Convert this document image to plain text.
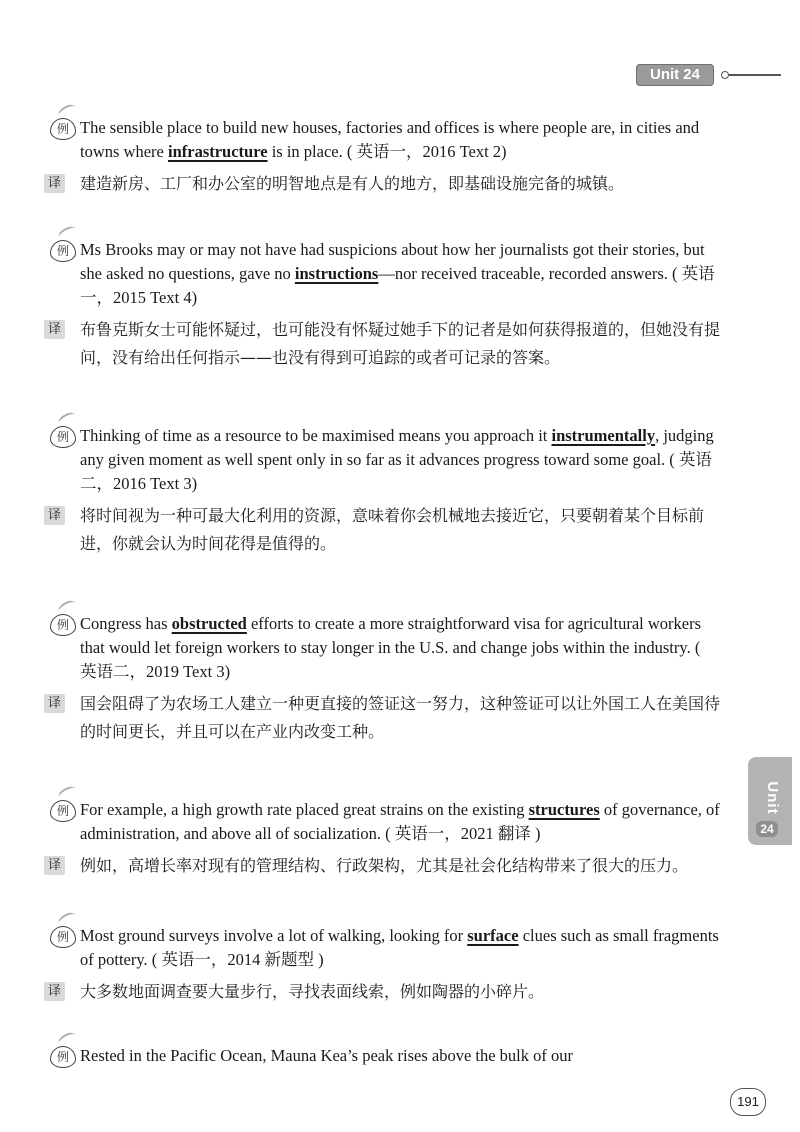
Unit 24
例 The sensible place to build new houses, factories and offices is where people are, in cities and towns where infrastructure is in place. ( 英语一，2016 Text 2)
译 建造新房、工厂和办公室的明智地点是有人的地方，即基础设施完备的城镇。
例 Ms Brooks may or may not have had suspicions about how her journalists got their stories, but she asked no questions, gave no instructions—nor received traceable, recorded answers. ( 英语一，2015 Text 4)
译 布鲁克斯女士可能怀疑过，也可能没有怀疑过她手下的记者是如何获得报道的，但她没有提问，没有给出任何指示——也没有得到可追踪的或者可记录的答案。
例 Thinking of time as a resource to be maximised means you approach it instrumentally, judging any given moment as well spent only in so far as it advances progress toward some goal. ( 英语二，2016 Text 3)
译 将时间视为一种可最大化利用的资源，意味着你会机械地去接近它，只要朝着某个目标前进，你就会认为时间花得是值得的。
例 Congress has obstructed efforts to create a more straightforward visa for agricultural workers that would let foreign workers to stay longer in the U.S. and change jobs within the industry. ( 英语二，2019 Text 3)
译 国会阻碍了为农场工人建立一种更直接的签证这一努力，这种签证可以让外国工人在美国待的时间更长，并且可以在产业内改变工种。
例 For example, a high growth rate placed great strains on the existing structures of governance, of administration, and above all of socialization. ( 英语一，2021 翻译 )
译 例如，高增长率对现有的管理结构、行政架构，尤其是社会化结构带来了很大的压力。
例 Most ground surveys involve a lot of walking, looking for surface clues such as small fragments of pottery. ( 英语一，2014 新题型 )
译 大多数地面调查要大量步行，寻找表面线索，例如陶器的小碎片。
例 Rested in the Pacific Ocean, Mauna Kea’s peak rises above the bulk of our
Unit
24
191
